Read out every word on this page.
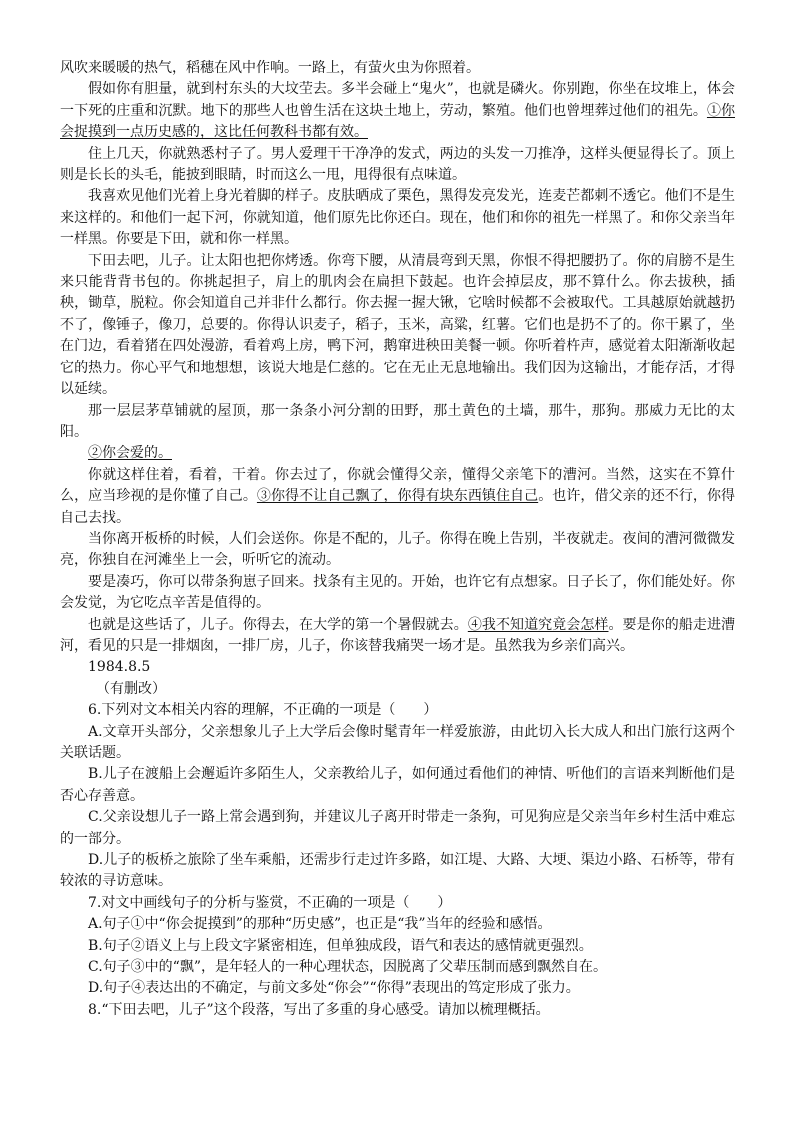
风吹来暖暖的热气，稻穗在风中作响。一路上，有萤火虫为你照着。

假如你有胆量，就到村东头的大坟茔去。多半会碰上“鬼火”，也就是磷火。你别跑，你坐在坟堆上，体会一下死的庄重和沉默。地下的那些人也曾生活在这块土地上，劳动，繁殖。他们也曾埋葬过他们的祖先。①你会捉摸到一点历史感的，这比任何教科书都有效。

住上几天，你就熟悉村子了。男人爱理干干净净的发式，两边的头发一刀推净，这样头便显得长了。顶上则是长长的头毛，能披到眼睛，时而这么一甩，甩得很有点味道。

我喜欢见他们光着上身光着脚的样子。皮肤晒成了栗色，黑得发亮发光，连麦芒都刺不透它。他们不是生来这样的。和他们一起下河，你就知道，他们原先比你还白。现在，他们和你的祖先一样黑了。和你父亲当年一样黑。你要是下田，就和你一样黑。

下田去吧，儿子。让太阳也把你烤透。你弯下腰，从清晨弯到天黑，你恨不得把腰扔了。你的肩膀不是生来只能背背书包的。你挑起担子，肩上的肌肉会在扁担下鼓起。也许会掉层皮，那不算什么。你去拔秧，插秧，锄草，脱粒。你会知道自己并非什么都行。你去握一握大锹，它啥时候都不会被取代。工具越原始就越扔不了，像锤子，像刀，总要的。你得认识麦子，稻子，玉米，高粱，红薯。它们也是扔不了的。你干累了，坐在门边，看着猪在四处漫游，看着鸡上房，鸭下河，鹅窜进秧田美餐一顿。你听着杵声，感觉着太阳渐渐收起它的热力。你心平气和地想想，该说大地是仁慈的。它在无止无息地输出。我们因为这输出，才能存活，才得以延续。

那一层层茅草铺就的屋顶，那一条条小河分割的田野，那土黄色的土墙，那牛，那狗。那威力无比的太阳。

②你会爱的。

你就这样住着，看着，干着。你去过了，你就会懂得父亲，懂得父亲笔下的漕河。当然，这实在不算什么，应当珍视的是你懂了自己。③你得不让自己飘了，你得有块东西镇住自己。也许，借父亲的还不行，你得自己去找。

当你离开板桥的时候，人们会送你。你是不配的，儿子。你得在晚上告别，半夜就走。夜间的漕河微微发亮，你独自在河滩坐上一会，听听它的流动。

要是凑巧，你可以带条狗崽子回来。找条有主见的。开始，也许它有点想家。日子长了，你们能处好。你会发觉，为它吃点辛苦是值得的。

也就是这些话了，儿子。你得去，在大学的第一个暑假就去。④我不知道究竟会怎样。要是你的船走进漕河，看见的只是一排烟囱，一排厂房，儿子，你该替我痛哭一场才是。虽然我为乡亲们高兴。

1984.8.5

（有删改）

6.下列对文本相关内容的理解，不正确的一项是（　　）

A.文章开头部分，父亲想象儿子上大学后会像时髦青年一样爱旅游，由此切入长大成人和出门旅行这两个关联话题。

B.儿子在渡船上会邂逅许多陌生人，父亲教给儿子，如何通过看他们的神情、听他们的言语来判断他们是否心存善意。

C.父亲设想儿子一路上常会遇到狗，并建议儿子离开时带走一条狗，可见狗应是父亲当年乡村生活中难忘的一部分。

D.儿子的板桥之旅除了坐车乘船，还需步行走过许多路，如江堤、大路、大埂、渠边小路、石桥等，带有较浓的寻访意味。

7.对文中画线句子的分析与鉴赏，不正确的一项是（　　）

A.句子①中“你会捉摸到”的那种“历史感”，也正是“我”当年的经验和感悟。

B.句子②语义上与上段文字紧密相连，但单独成段，语气和表达的感情就更强烈。

C.句子③中的“飘”，是年轻人的一种心理状态，因脱离了父辈压制而感到飘然自在。

D.句子④表达出的不确定，与前文多处“你会”“你得”表现出的笃定形成了张力。

8.“下田去吧，儿子”这个段落，写出了多重的身心感受。请加以梳理概括。
